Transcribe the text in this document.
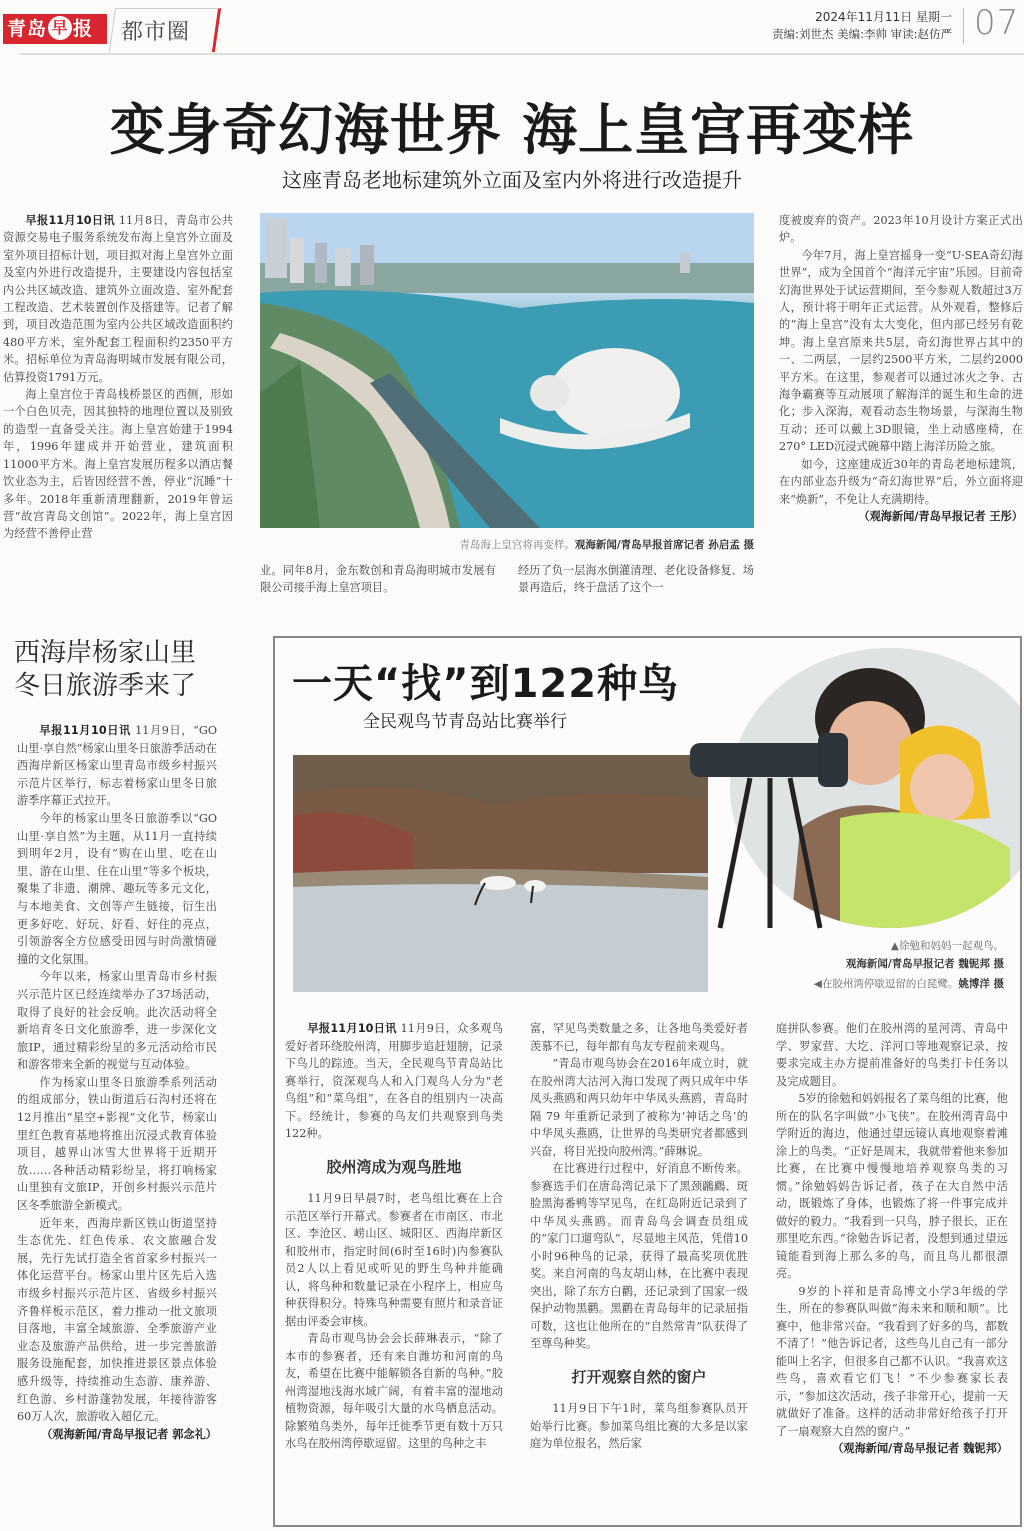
青岛 早 报	都市圈
2024年11月11日 星期一
责编:刘世杰 美编:李帅 审读:赵仿严 07
变身奇幻海世界 海上皇宫再变样
这座青岛老地标建筑外立面及室内外将进行改造提升

早报11月10日讯 11月8日，青岛市公共资源交易电子服务系统发布海上皇宫外立面及室外项目招标计划，项目拟对海上皇宫外立面及室内外进行改造提升，主要建设内容包括室内公共区域改造、建筑外立面改造、室外配套工程改造、艺术装置创作及搭建等。记者了解到，项目改造范围为室内公共区域改造面积约480平方米，室外配套工程面积约2350平方米。招标单位为青岛海明城市发展有限公司，估算投资1791万元。

海上皇宫位于青岛栈桥景区的西侧，形如一个白色贝壳，因其独特的地理位置以及别致的造型一直备受关注。海上皇宫始建于1994年，1996年建成并开始营业，建筑面积11000平方米。海上皇宫发展历程多以酒店餐饮业态为主，后皆因经营不善，停业“沉睡”十多年。2018年重新清理翻新，2019年曾运营“故宫青岛文创馆”。2022年，海上皇宫因为经营不善停止营

青岛海上皇宫将再变样。观海新闻/青岛早报首席记者 孙启孟 摄

业。同年8月，金东数创和青岛海明城市发展有限公司接手海上皇宫项目。

经历了负一层海水倒灌清理、老化设备修复、场景再造后，终于盘活了这个一

度被废弃的资产。2023年10月设计方案正式出炉。

今年7月，海上皇宫摇身一变“U·SEA奇幻海世界”，成为全国首个“海洋元宇宙”乐园。目前奇幻海世界处于试运营期间，至今参观人数超过3万人，预计将于明年正式运营。从外观看，整修后的“海上皇宫”没有太大变化，但内部已经另有乾坤。海上皇宫原来共5层，奇幻海世界占其中的一、二两层，一层约2500平方米，二层约2000平方米。在这里，参观者可以通过冰火之争、古海争霸赛等互动展项了解海洋的诞生和生命的进化；步入深海，观看动态生物场景，与深海生物互动；还可以戴上3D眼镜，坐上动感座椅，在270° LED沉浸式碗幕中踏上海洋历险之旅。

如今，这座建成近30年的青岛老地标建筑，在内部业态升级为“奇幻海世界”后，外立面将迎来“焕新”，不免让人充满期待。

（观海新闻/青岛早报记者 王彤）

西海岸杨家山里
冬日旅游季来了

早报11月10日讯 11月9日，“GO山里·享自然”杨家山里冬日旅游季活动在西海岸新区杨家山里青岛市级乡村振兴示范片区举行，标志着杨家山里冬日旅游季序幕正式拉开。

今年的杨家山里冬日旅游季以“GO山里·享自然”为主题，从11月一直持续到明年2月，设有“购在山里、吃在山里、游在山里、住在山里”等多个板块，聚集了非遗、潮牌、趣玩等多元文化，与本地美食、文创等产生链接，衍生出更多好吃、好玩、好看、好住的亮点，引领游客全方位感受田园与时尚激情碰撞的文化氛围。

今年以来，杨家山里青岛市乡村振兴示范片区已经连续举办了37场活动，取得了良好的社会反响。此次活动将全新培育冬日文化旅游季，进一步深化文旅IP，通过精彩纷呈的多元活动给市民和游客带来全新的视觉与互动体验。

作为杨家山里冬日旅游季系列活动的组成部分，铁山街道后石沟村还将在12月推出“星空+影视”文化节，杨家山里红色教育基地将推出沉浸式教育体验项目，越界山冰雪大世界将于近期开放……各种活动精彩纷呈，将打响杨家山里独有文旅IP，开创乡村振兴示范片区冬季旅游全新模式。

近年来，西海岸新区铁山街道坚持生态优先、红色传承、农文旅融合发展，先行先试打造全省首家乡村振兴一体化运营平台。杨家山里片区先后入选市级乡村振兴示范片区、省级乡村振兴齐鲁样板示范区，着力推动一批文旅项目落地，丰富全域旅游、全季旅游产业业态及旅游产品供给，进一步完善旅游服务设施配套，加快推进景区景点体验感升级等，持续推动生态游、康养游、红色游、乡村游蓬勃发展，年接待游客60万人次，旅游收入超亿元。

（观海新闻/青岛早报记者 郭念礼）

一天“找”到122种鸟
全民观鸟节青岛站比赛举行
▲徐勉和妈妈一起观鸟。
观海新闻/青岛早报记者 魏铌邦 摄
◀在胶州湾停歇逗留的白琵鹭。姚博洋 摄

早报11月10日讯 11月9日，众多观鸟爱好者环绕胶州湾，用脚步追赶翅膀，记录下鸟儿的踪迹。当天，全民观鸟节青岛站比赛举行，资深观鸟人和入门观鸟人分为“老鸟组”和“菜鸟组”，在各自的组别内一决高下。经统计，参赛的鸟友们共观察到鸟类122种。

胶州湾成为观鸟胜地

11月9日早晨7时，老鸟组比赛在上合示范区举行开幕式。参赛者在市南区、市北区、李沧区、崂山区、城阳区、西海岸新区和胶州市，指定时间(6时至16时)内参赛队员2人以上看见或听见的野生鸟种并能确认，将鸟种和数量记录在小程序上，相应鸟种获得积分。特殊鸟种需要有照片和录音证据由评委会审核。

青岛市观鸟协会会长薛琳表示，“除了本市的参赛者，还有来自潍坊和河南的鸟友，希望在比赛中能解锁各自新的鸟种。”胶州湾湿地浅海水域广阔，有着丰富的湿地动植物资源，每年吸引大量的水鸟栖息活动。除繁殖鸟类外，每年迁徙季节更有数十万只水鸟在胶州湾停歇逗留。这里的鸟种之丰

富，罕见鸟类数量之多，让各地鸟类爱好者羡慕不已，每年都有鸟友专程前来观鸟。

“青岛市观鸟协会在2016年成立时，就在胶州湾大沽河入海口发现了两只成年中华凤头燕鸥和两只幼年中华凤头燕鸥，青岛时隔 79 年重新记录到了被称为‘神话之鸟’的中华凤头燕鸥，让世界的鸟类研究者都感到兴奋，将目光投向胶州湾。”薛琳说。

在比赛进行过程中，好消息不断传来。参赛选手们在唐岛湾记录下了黑颈鸊鷉、斑脸黑海番鸭等罕见鸟，在红岛附近记录到了中华凤头燕鸥。而青岛鸟会调查员组成的“家门口遛弯队”，尽显地主风范，凭借10小时96种鸟的记录，获得了最高奖项优胜奖。来自河南的鸟友胡山林，在比赛中表现突出，除了东方白鹳，还记录到了国家一级保护动物黑鹳。黑鹳在青岛每年的记录屈指可数，这也让他所在的“自然常青”队获得了至尊鸟种奖。

打开观察自然的窗户

11月9日下午1时，菜鸟组参赛队员开始举行比赛。参加菜鸟组比赛的大多是以家庭为单位报名，然后家

庭拼队参赛。他们在胶州湾的星河湾、青岛中学、罗家营、大圪、洋河口等地观察记录，按要求完成主办方提前准备好的鸟类打卡任务以及完成题目。

5岁的徐勉和妈妈报名了菜鸟组的比赛，他所在的队名字叫做“小飞侠”。在胶州湾青岛中学附近的海边，他通过望远镜认真地观察着滩涂上的鸟类。“正好是周末，我就带着他来参加比赛，在比赛中慢慢地培养观察鸟类的习惯。”徐勉妈妈告诉记者，孩子在大自然中活动，既锻炼了身体，也锻炼了将一件事完成并做好的毅力。“我看到一只鸟，脖子很长，正在那里吃东西。”徐勉告诉记者，没想到通过望远镜能看到海上那么多的鸟，而且鸟儿都很漂亮。

9岁的卜祥和是青岛博文小学3年级的学生，所在的参赛队叫做“海未来和顺和顺”。比赛中，他非常兴奋。“我看到了好多的鸟，都数不清了！”他告诉记者，这些鸟儿自己有一部分能叫上名字，但很多自己都不认识。“我喜欢这些鸟，喜欢看它们飞！”不少参赛家长表示，“参加这次活动，孩子非常开心，提前一天就做好了准备。这样的活动非常好给孩子打开了一扇观察大自然的窗户。”

（观海新闻/青岛早报记者 魏铌邦）
